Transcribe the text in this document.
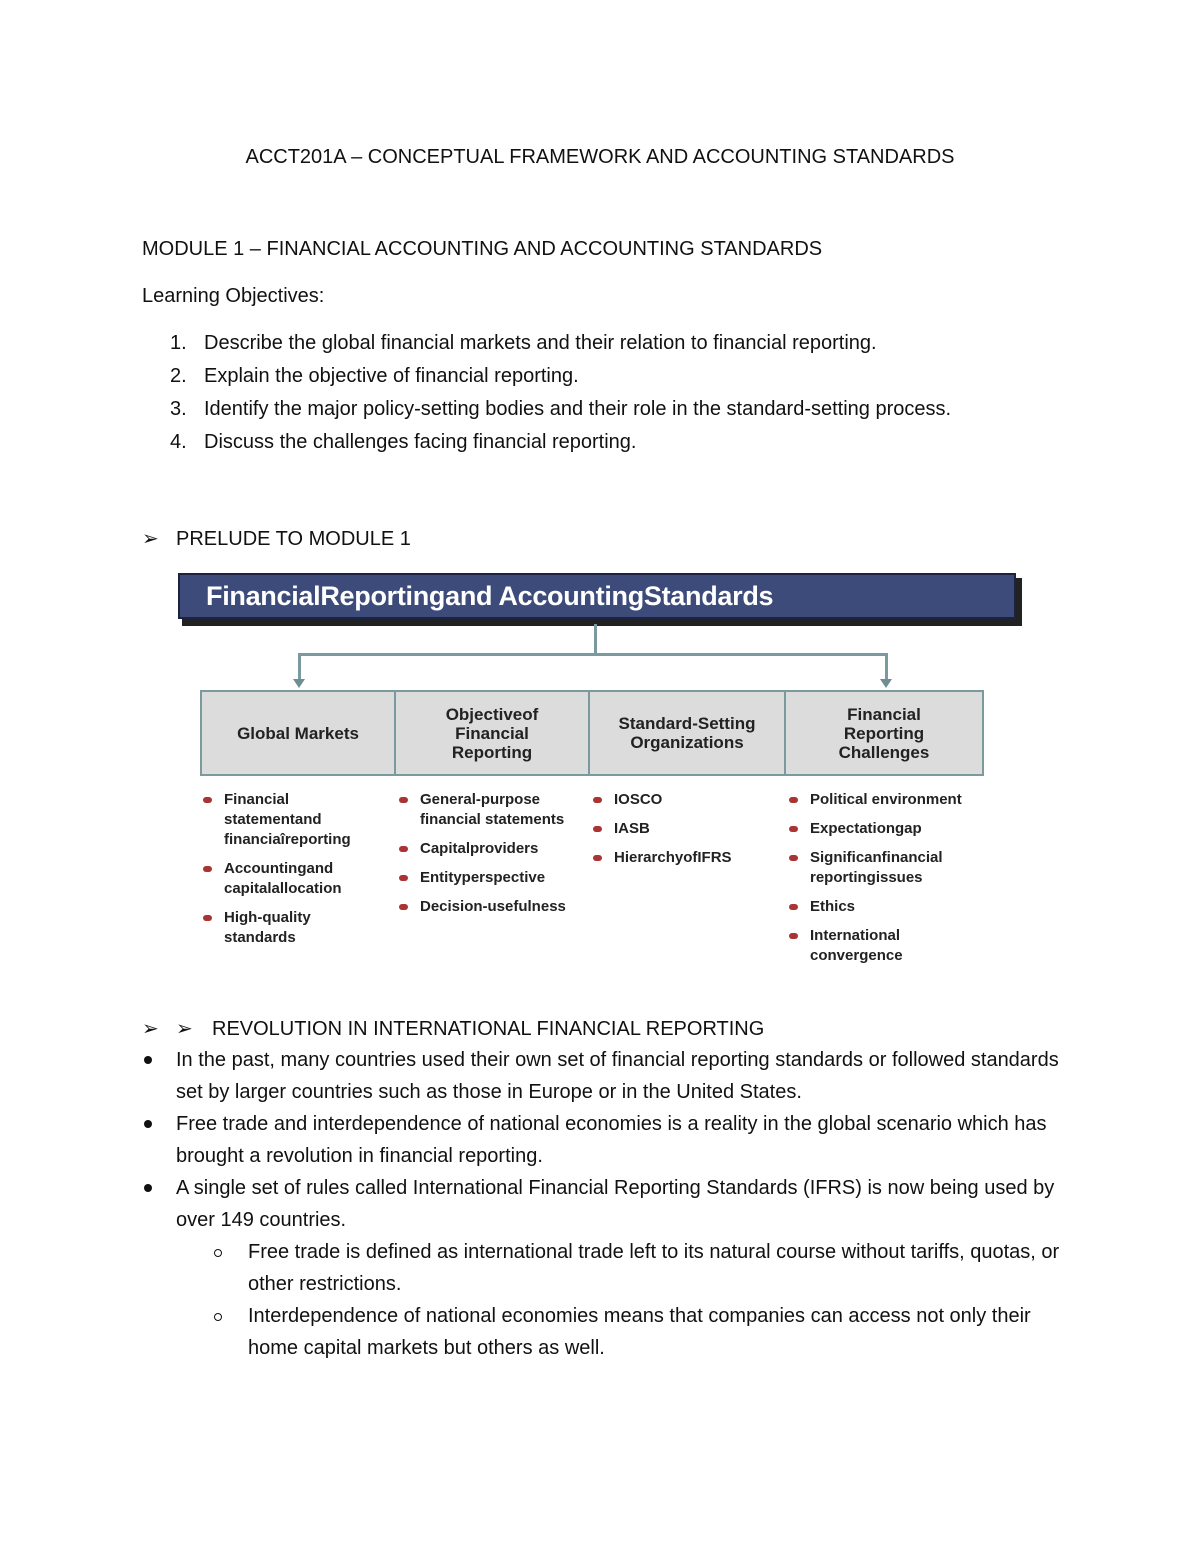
ACCT201A – CONCEPTUAL FRAMEWORK AND ACCOUNTING STANDARDS
MODULE 1 – FINANCIAL ACCOUNTING AND ACCOUNTING STANDARDS
Learning Objectives:
1. Describe the global financial markets and their relation to financial reporting.
2. Explain the objective of financial reporting.
3. Identify the major policy-setting bodies and their role in the standard-setting process.
4. Discuss the challenges facing financial reporting.
➢ PRELUDE TO MODULE 1
FinancialReportingand AccountingStandards
Global Markets
Objectiveof Financial Reporting
Standard-Setting Organizations
Financial Reporting Challenges
Financial statementand financiaîreporting
Accountingand capitalallocation
High-quality standards
General-purpose financial statements
Capitalproviders
Entityperspective
Decision-usefulness
IOSCO
IASB
HierarchyofIFRS
Political environment
Expectationgap
Significanfinancial reportingissues
Ethics
International convergence
➢ ➢ REVOLUTION IN INTERNATIONAL FINANCIAL REPORTING
In the past, many countries used their own set of financial reporting standards or followed standards set by larger countries such as those in Europe or in the United States.
Free trade and interdependence of national economies is a reality in the global scenario which has brought a revolution in financial reporting.
A single set of rules called International Financial Reporting Standards (IFRS) is now being used by over 149 countries.
Free trade is defined as international trade left to its natural course without tariffs, quotas, or other restrictions.
Interdependence of national economies means that companies can access not only their home capital markets but others as well.
